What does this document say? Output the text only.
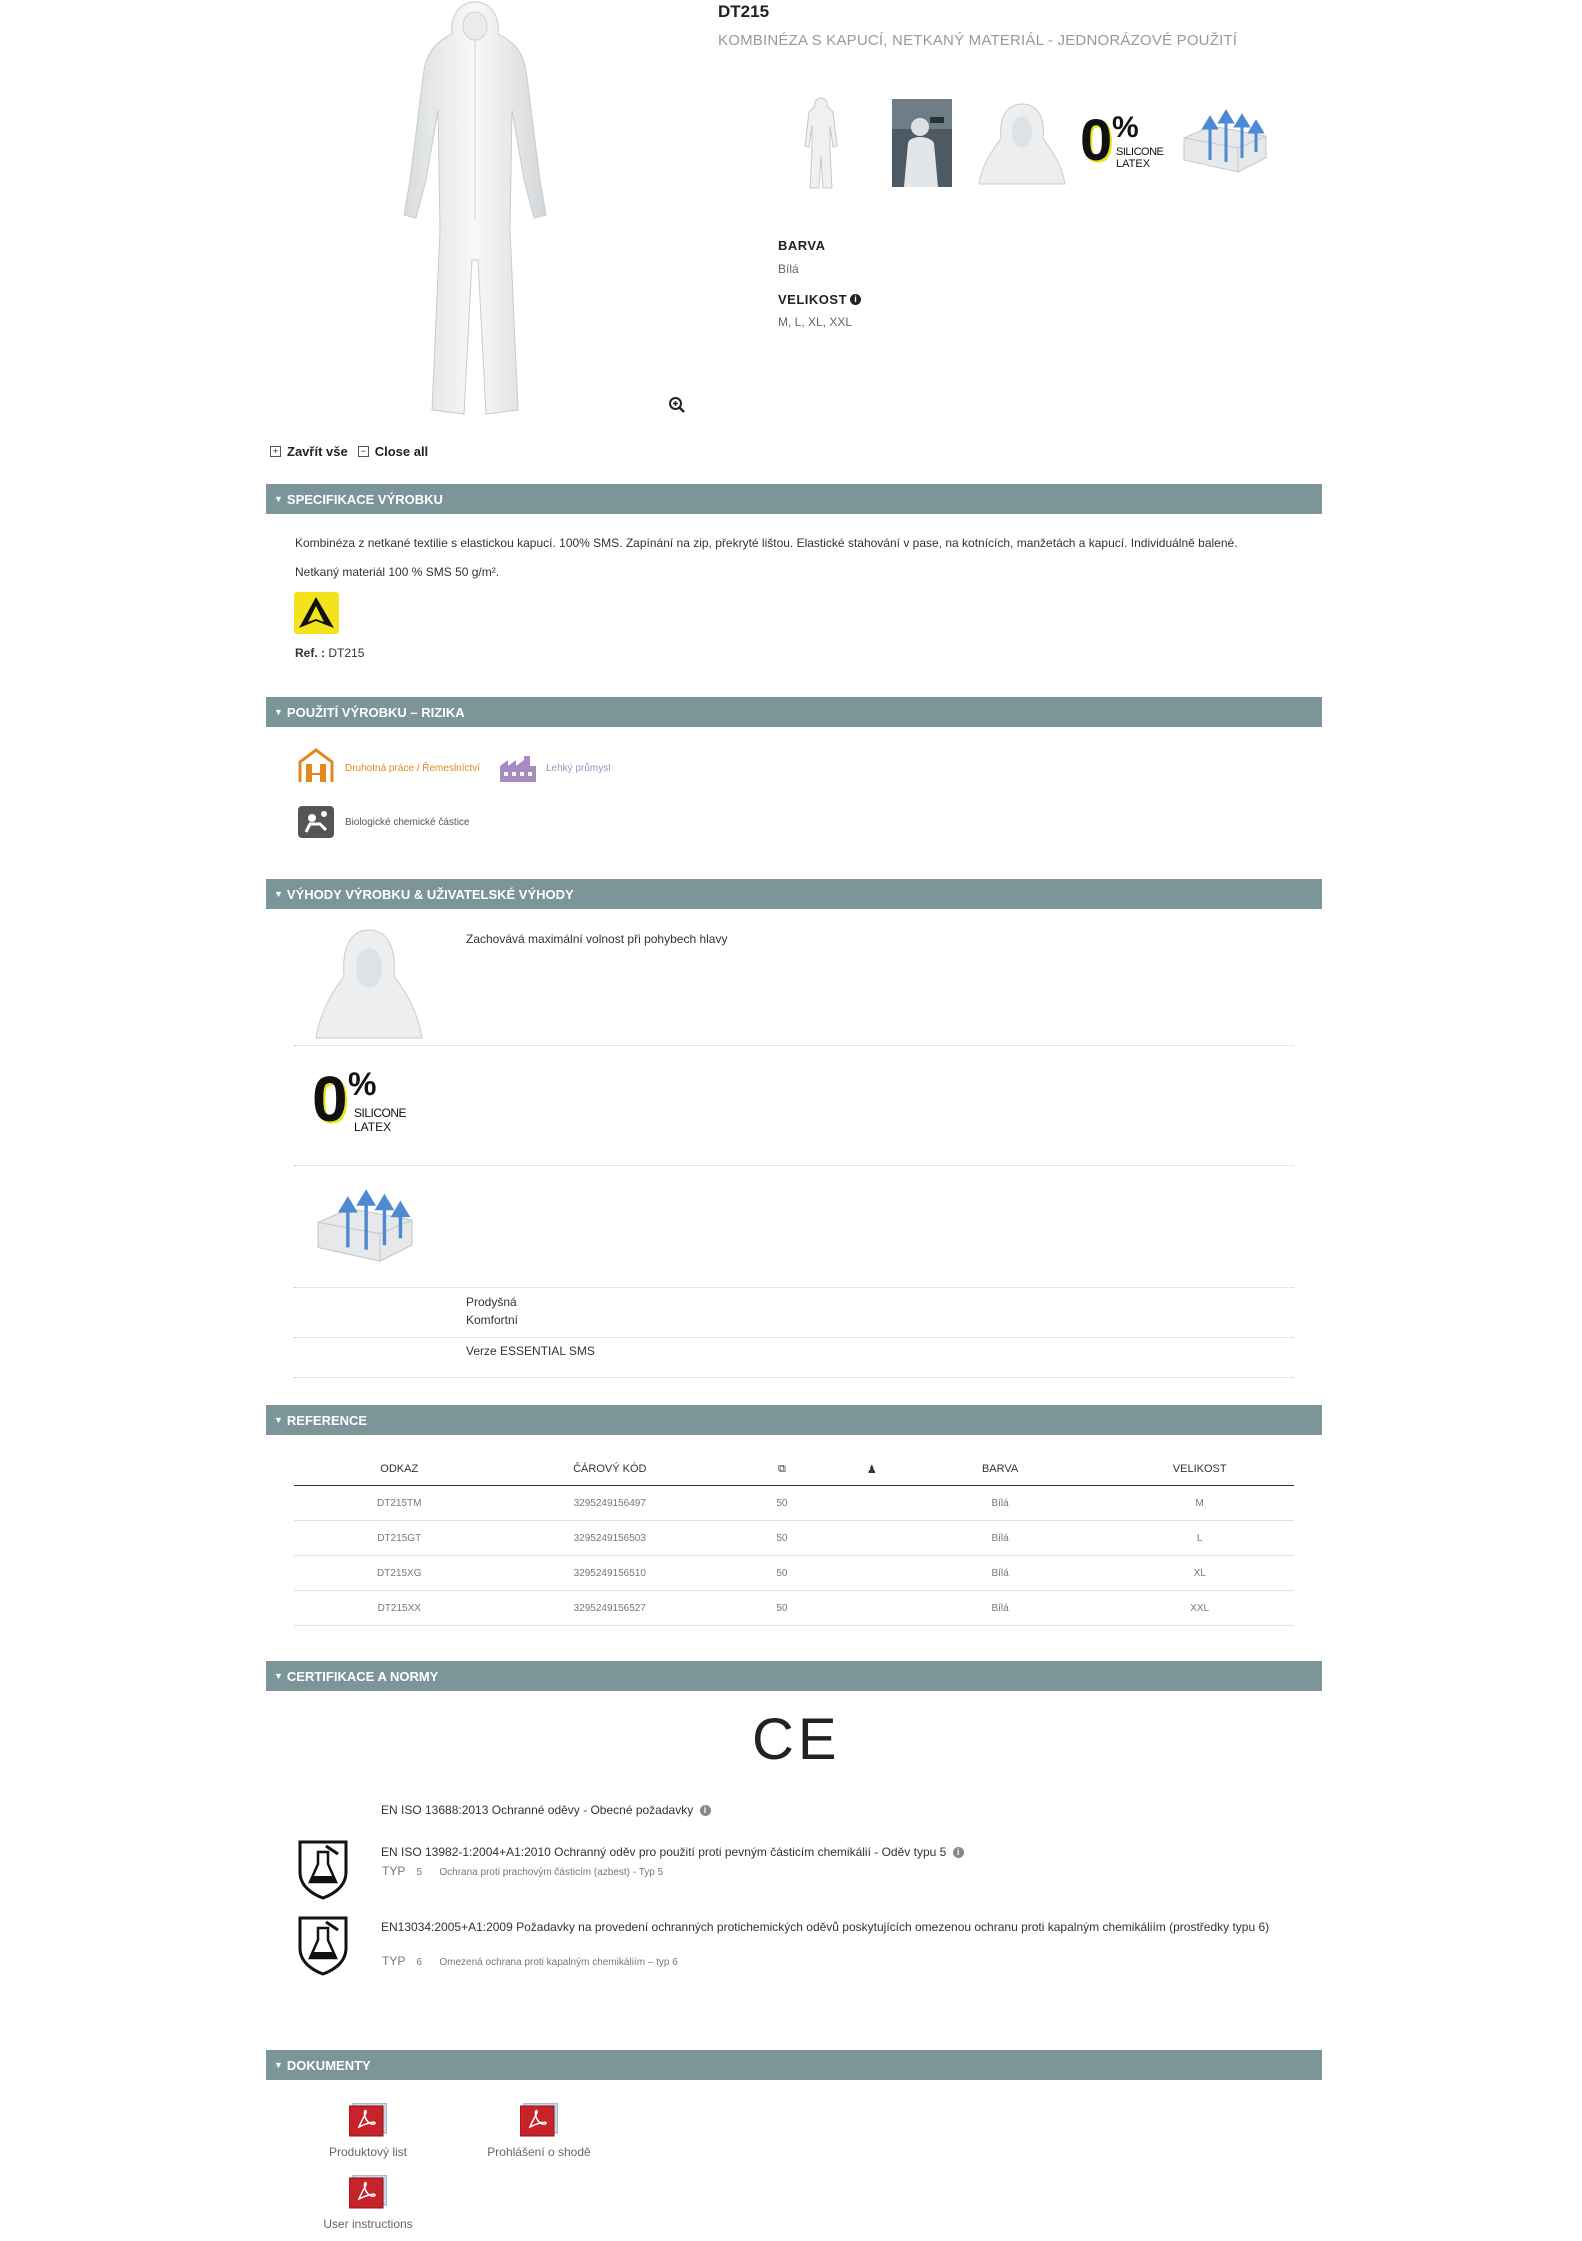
DT215
KOMBINÉZA S KAPUCÍ, NETKANÝ MATERIÁL - JEDNORÁZOVÉ POUŽITÍ
0 %
SILICONE
LATEX
BARVA
Bílá
VELIKOST i
M, L, XL, XXL
+ Zavřít vše	− Close all
▼ SPECIFIKACE VÝROBKU
Kombinéza z netkané textilie s elastickou kapucí. 100% SMS. Zapínání na zip, překryté lištou. Elastické stahování v pase, na kotnících, manžetách a kapucí. Individuálně balené.
Netkaný materiál 100 % SMS 50 g/m².
Ref. : DT215
▼ POUŽITÍ VÝROBKU – RIZIKA
Druhotná práce / Řemeslníctví	Lehký průmysl
Biologické chemické částice
▼ VÝHODY VÝROBKU & UŽIVATELSKÉ VÝHODY
Zachovává maximální volnost při pohybech hlavy
0 %
SILICONE
LATEX
Prodyšná
Komfortní
Verze ESSENTIAL SMS
▼ REFERENCE
ODKAZ	ČÁROVÝ KÓD	⧉	♟	BARVA	VELIKOST
DT215TM	3295249156497	50		Bílá	M
DT215GT	3295249156503	50		Bílá	L
DT215XG	3295249156510	50		Bílá	XL
DT215XX	3295249156527	50		Bílá	XXL
▼ CERTIFIKACE A NORMY
CE
EN ISO 13688:2013 Ochranné oděvy - Obecné požadavky i
EN ISO 13982-1:2004+A1:2010 Ochranný oděv pro použití proti pevným částicím chemikálií - Oděv typu 5 i
TYP 5 Ochrana proti prachovým částicím (azbest) - Typ 5
EN13034:2005+A1:2009 Požadavky na provedení ochranných protichemických oděvů poskytujících omezenou ochranu proti kapalným chemikáliím (prostředky typu 6)
TYP 6 Omezená ochrana proti kapalným chemikáliím – typ 6
▼ DOKUMENTY
Produktový list	Prohlášení o shodě
User instructions
